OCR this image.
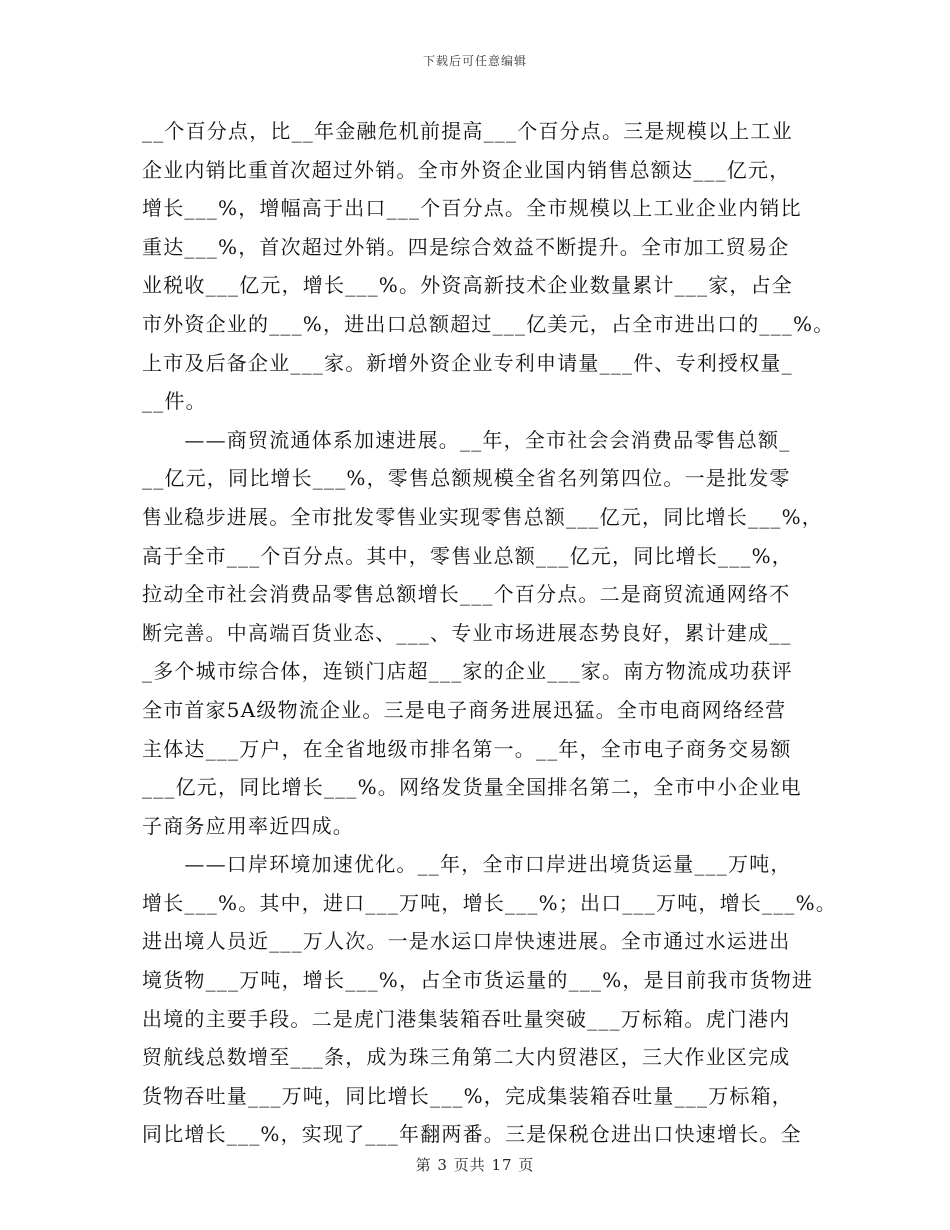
下载后可任意编辑
__个百分点，比__年金融危机前提高___个百分点。三是规模以上工业
企业内销比重首次超过外销。全市外资企业国内销售总额达___亿元，
增长___%，增幅高于出口___个百分点。全市规模以上工业企业内销比
重达___%，首次超过外销。四是综合效益不断提升。全市加工贸易企
业税收___亿元，增长___%。外资高新技术企业数量累计___家，占全
市外资企业的___%，进出口总额超过___亿美元，占全市进出口的___%。
上市及后备企业___家。新增外资企业专利申请量___件、专利授权量_
__件。
　　——商贸流通体系加速进展。__年，全市社会会消费品零售总额_
__亿元，同比增长___%，零售总额规模全省名列第四位。一是批发零
售业稳步进展。全市批发零售业实现零售总额___亿元，同比增长___%，
高于全市___个百分点。其中，零售业总额___亿元，同比增长___%，
拉动全市社会消费品零售总额增长___个百分点。二是商贸流通网络不
断完善。中高端百货业态、___、专业市场进展态势良好，累计建成__
_多个城市综合体，连锁门店超___家的企业___家。南方物流成功获评
全市首家5A级物流企业。三是电子商务进展迅猛。全市电商网络经营
主体达___万户，在全省地级市排名第一。__年，全市电子商务交易额
___亿元，同比增长___%。网络发货量全国排名第二，全市中小企业电
子商务应用率近四成。
　　——口岸环境加速优化。__年，全市口岸进出境货运量___万吨，
增长___%。其中，进口___万吨，增长___%；出口___万吨，增长___%。
进出境人员近___万人次。一是水运口岸快速进展。全市通过水运进出
境货物___万吨，增长___%，占全市货运量的___%，是目前我市货物进
出境的主要手段。二是虎门港集装箱吞吐量突破___万标箱。虎门港内
贸航线总数增至___条，成为珠三角第二大内贸港区，三大作业区完成
货物吞吐量___万吨，同比增长___%，完成集装箱吞吐量___万标箱，
同比增长___%，实现了___年翻两番。三是保税仓进出口快速增长。全
第 3 页共 17 页
